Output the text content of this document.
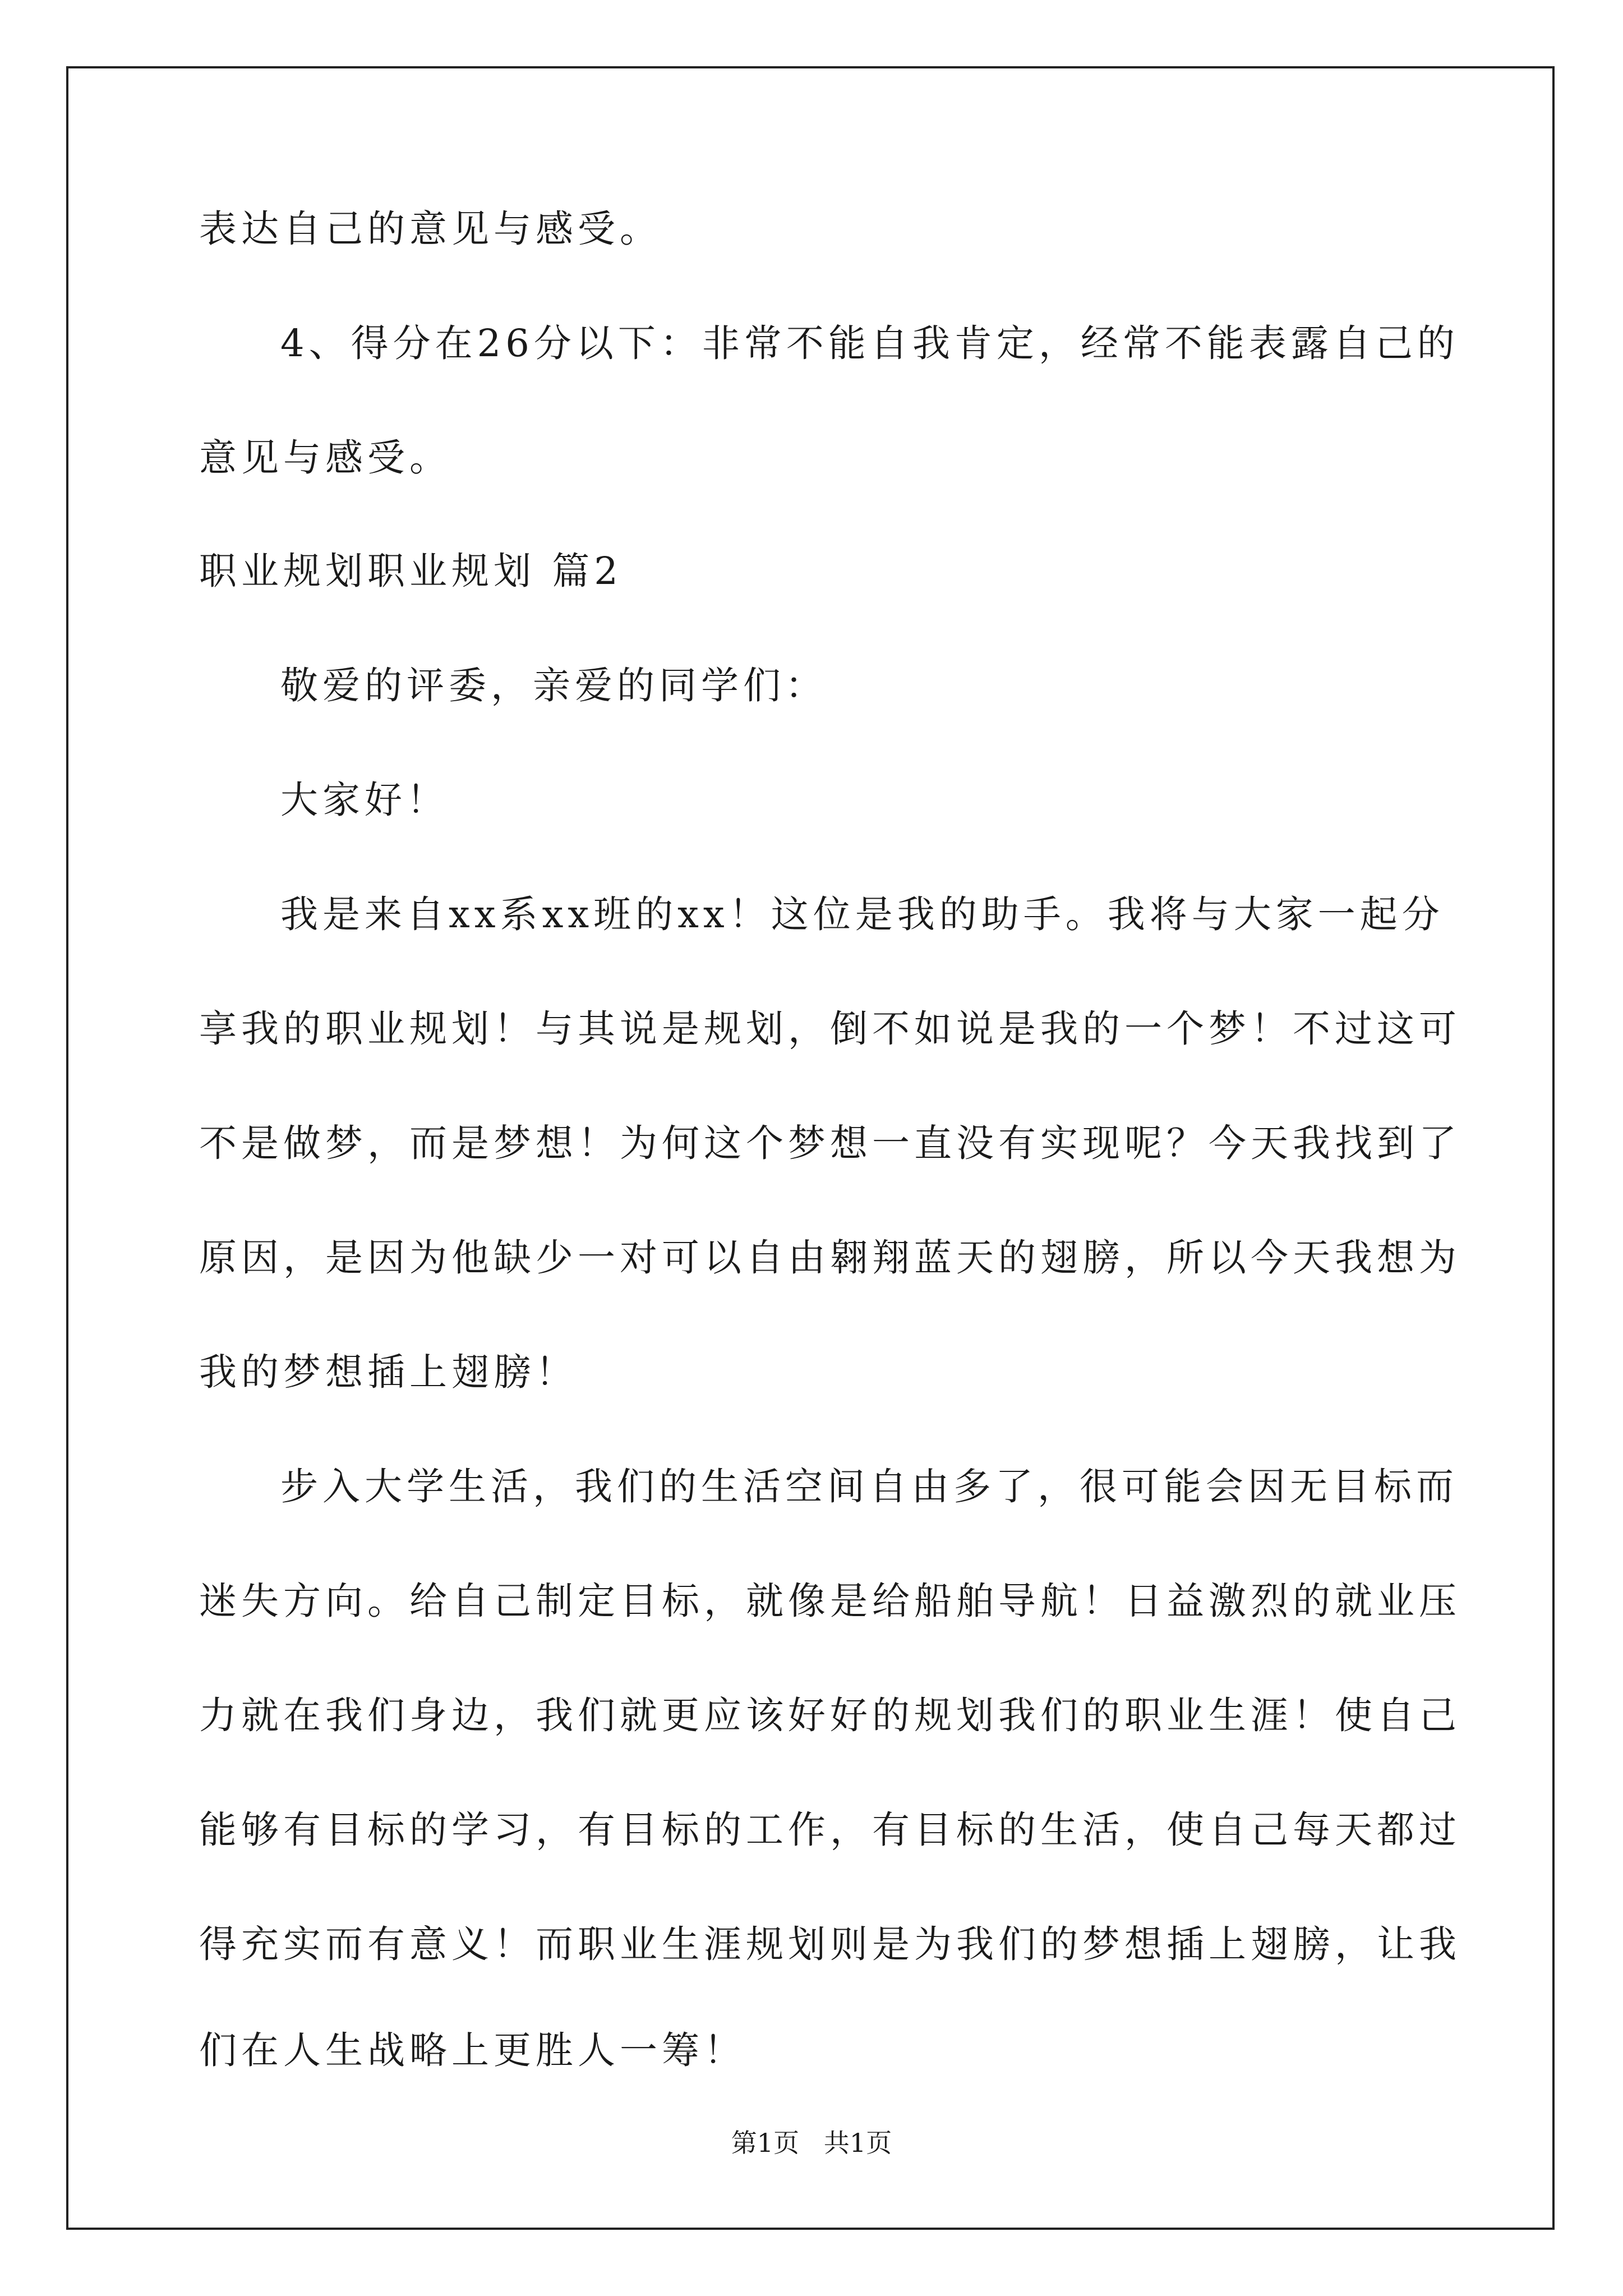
表达自己的意见与感受。
4、得分在26分以下：非常不能自我肯定，经常不能表露自己的
意见与感受。
职业规划职业规划 篇2
敬爱的评委，亲爱的同学们：
大家好！
我是来自xx系xx班的xx！这位是我的助手。我将与大家一起分
享我的职业规划！与其说是规划，倒不如说是我的一个梦！不过这可
不是做梦，而是梦想！为何这个梦想一直没有实现呢？今天我找到了
原因，是因为他缺少一对可以自由翱翔蓝天的翅膀，所以今天我想为
我的梦想插上翅膀！
步入大学生活，我们的生活空间自由多了，很可能会因无目标而
迷失方向。给自己制定目标，就像是给船舶导航！日益激烈的就业压
力就在我们身边，我们就更应该好好的规划我们的职业生涯！使自己
能够有目标的学习，有目标的工作，有目标的生活，使自己每天都过
得充实而有意义！而职业生涯规划则是为我们的梦想插上翅膀，让我
们在人生战略上更胜人一筹！
第1页   共1页
